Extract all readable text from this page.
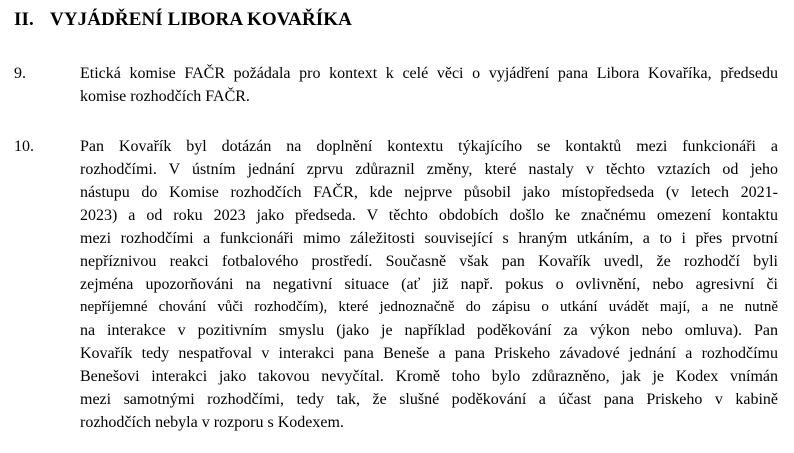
II. VYJÁDŘENÍ LIBORA KOVAŘÍKA
9.	Etická komise FAČR požádala pro kontext k celé věci o vyjádření pana Libora Kovaříka, předsedu
komise rozhodčích FAČR.
10.	Pan Kovařík byl dotázán na doplnění kontextu týkajícího se kontaktů mezi funkcionáři a
rozhodčími. V ústním jednání zprvu zdůraznil změny, které nastaly v těchto vztazích od jeho
nástupu do Komise rozhodčích FAČR, kde nejprve působil jako místopředseda (v letech 2021-
2023) a od roku 2023 jako předseda. V těchto obdobích došlo ke značnému omezení kontaktu
mezi rozhodčími a funkcionáři mimo záležitosti související s hraným utkáním, a to i přes prvotní
nepříznivou reakci fotbalového prostředí. Současně však pan Kovařík uvedl, že rozhodčí byli
zejména upozorňováni na negativní situace (ať již např. pokus o ovlivnění, nebo agresivní či
nepříjemné chování vůči rozhodčím), které jednoznačně do zápisu o utkání uvádět mají, a ne nutně
na interakce v pozitivním smyslu (jako je například poděkování za výkon nebo omluva). Pan
Kovařík tedy nespatřoval v interakci pana Beneše a pana Priskeho závadové jednání a rozhodčímu
Benešovi interakci jako takovou nevyčítal. Kromě toho bylo zdůrazněno, jak je Kodex vnímán
mezi samotnými rozhodčími, tedy tak, že slušné poděkování a účast pana Priskeho v kabině
rozhodčích nebyla v rozporu s Kodexem.
